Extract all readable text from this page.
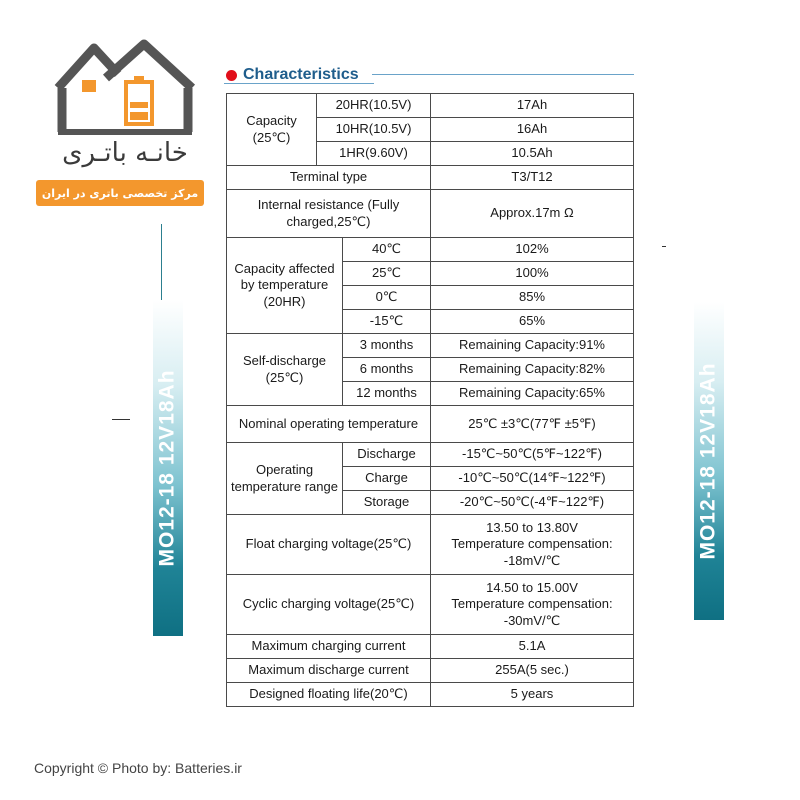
خانـه باتـری
مرکز تخصصی باتری در ایران
MO12-18 12V18Ah	MO12-18 12V18Ah
Characteristics
Capacity (25℃)	20HR(10.5V)		17Ah
	10HR(10.5V)		16Ah
	1HR(9.60V)		10.5Ah
Terminal type			T3/T12
Internal resistance (Fully charged,25℃)			Approx.17m Ω
Capacity affected by temperature (20HR)		40℃	102%
		25℃	100%
		0℃	85%
		-15℃	65%
Self-discharge (25℃)		3 months	Remaining Capacity:91%
		6 months	Remaining Capacity:82%
		12 months	Remaining Capacity:65%
Nominal operating temperature			25℃ ±3℃(77℉ ±5℉)
Operating temperature range		Discharge	-15℃~50℃(5℉~122℉)
		Charge	-10℃~50℃(14℉~122℉)
		Storage	-20℃~50℃(-4℉~122℉)
Float charging voltage(25℃)			13.50 to 13.80V
Temperature compensation:
-18mV/℃

Cyclic charging voltage(25℃)			14.50 to 15.00V
Temperature compensation:
-30mV/℃

Maximum charging current			5.1A
Maximum discharge current			255A(5 sec.)
Designed floating life(20℃)			5 years
Copyright © Photo by: Batteries.ir
